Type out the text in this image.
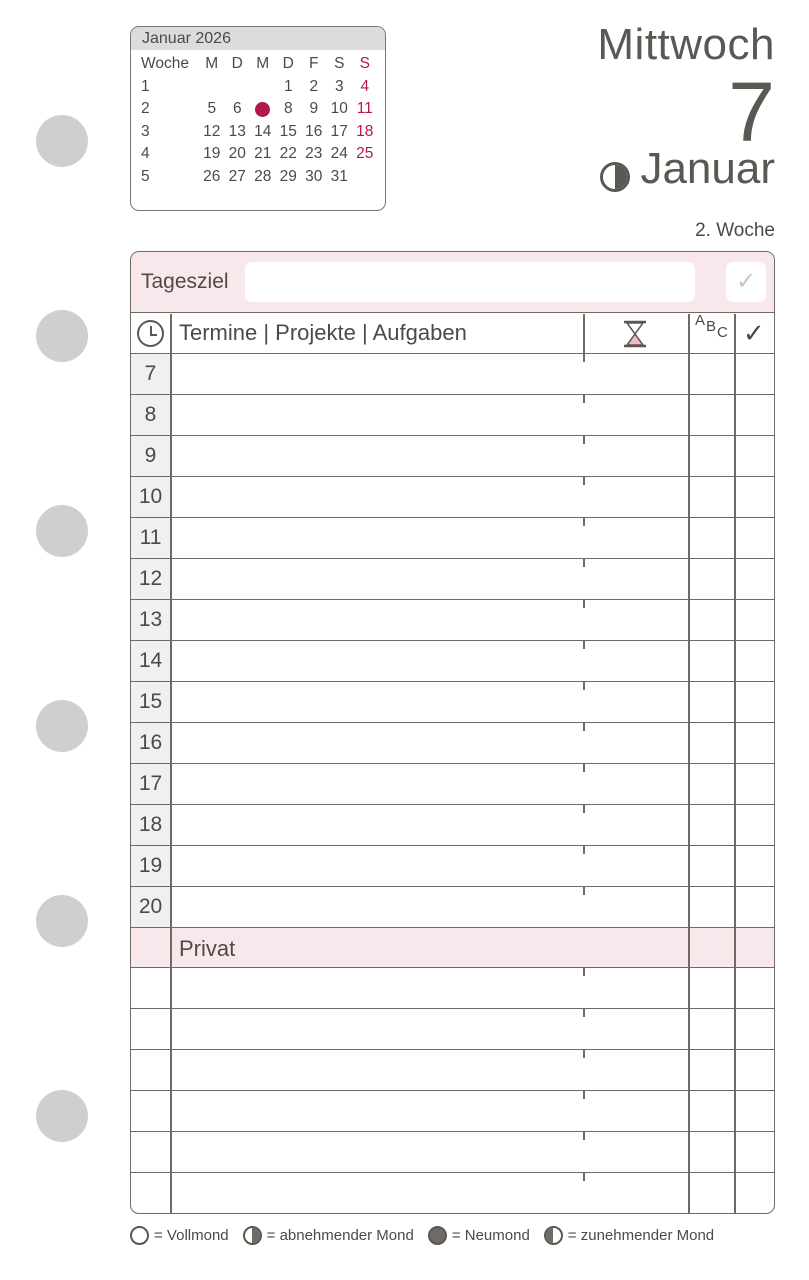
Januar 2026
Woche	M	D	M	D	F	S	S
1				1	2	3	4
2	5	6		8	9	10	11
3	12	13	14	15	16	17	18
4	19	20	21	22	23	24	25
5	26	27	28	29	30	31	
Mittwoch
7
Januar
2. Woche
Tagesziel	✓
Termine | Projekte | Aufgaben	ABC ✓
7
8
9
10
11
12
13
14
15
16
17
18
19
20
Privat
= Vollmond	= abnehmender Mond	= Neumond	= zunehmender Mond
